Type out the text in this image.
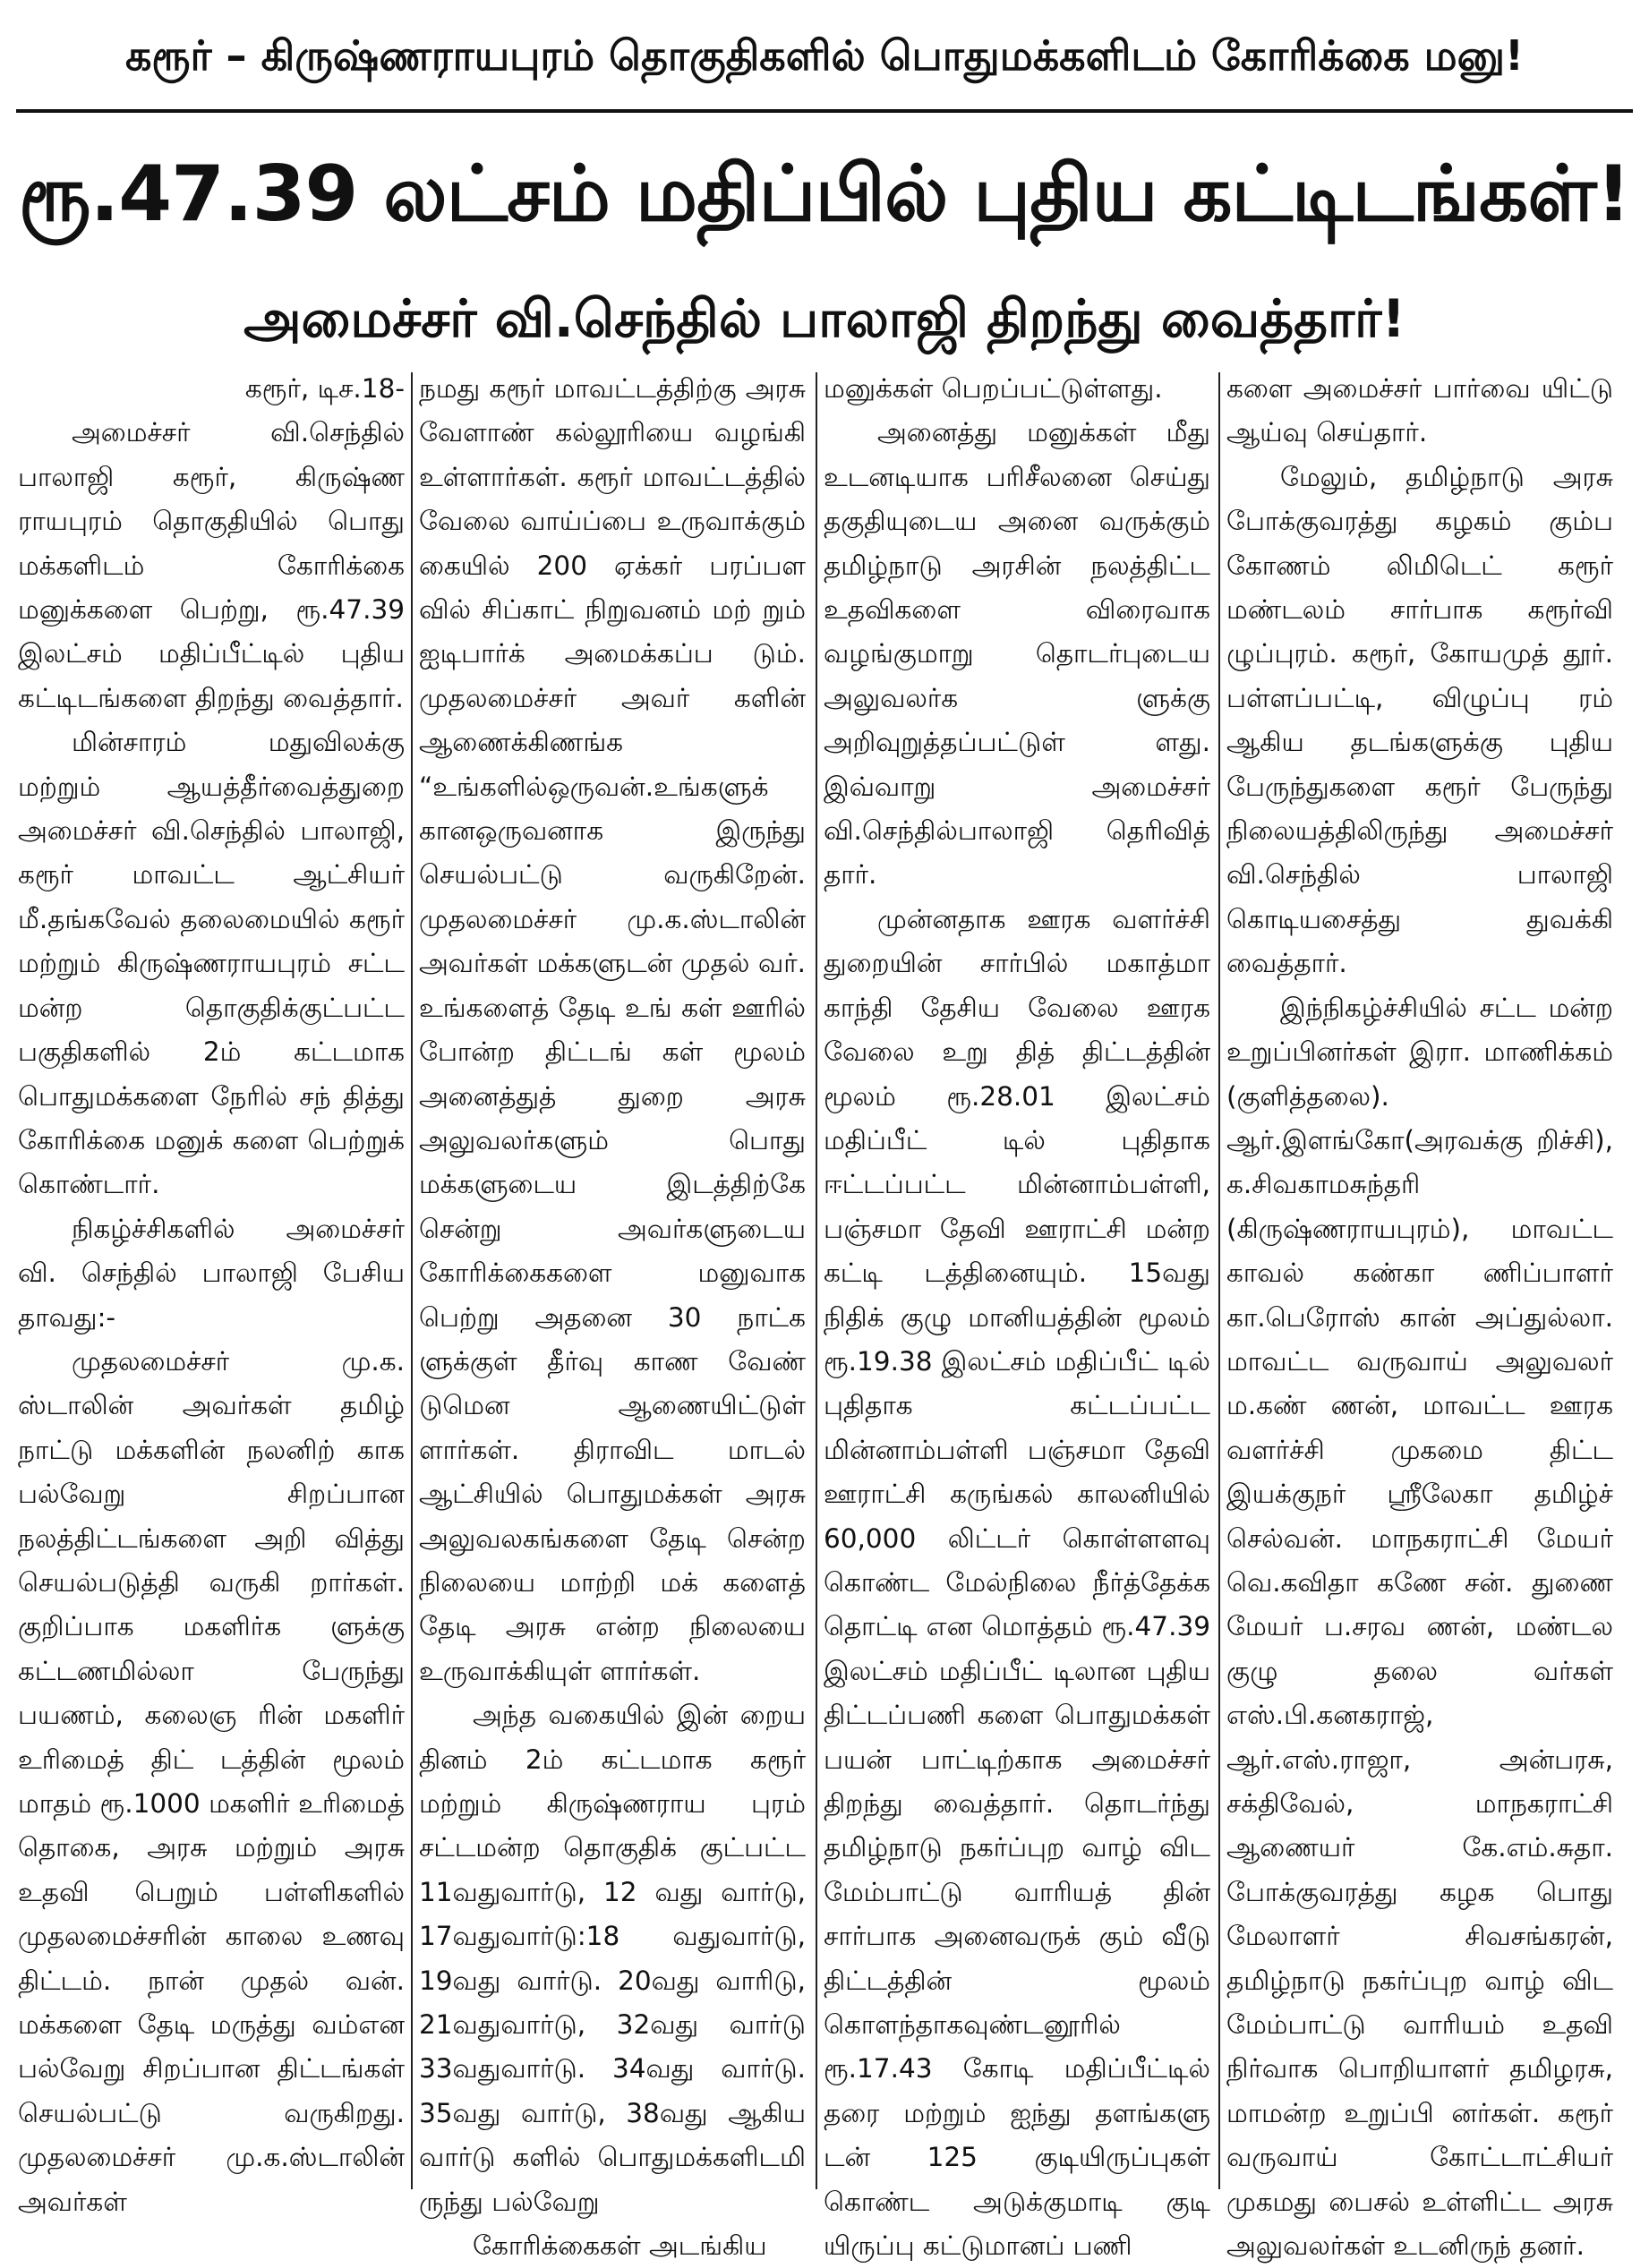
கரூர் – கிருஷ்ணராயபுரம் தொகுதிகளில் பொதுமக்களிடம் கோரிக்கை மனு!
ரூ.47.39 லட்சம் மதிப்பில் புதிய கட்டிடங்கள்!
அமைச்சர் வி.செந்தில் பாலாஜி திறந்து வைத்தார்!

கரூர், டிச.18-

அமைச்சர் வி.செந்தில் பாலாஜி கரூர், கிருஷ்ண ராயபுரம் தொகுதியில் பொது மக்களிடம் கோரிக்கை மனுக்களை பெற்று, ரூ.47.39 இலட்சம் மதிப்பீட்டில் புதிய கட்டிடங்களை திறந்து வைத்தார்.

மின்சாரம் மதுவிலக்கு மற்றும் ஆயத்தீர்வைத்துறை அமைச்சர் வி.செந்தில் பாலாஜி, கரூர் மாவட்ட ஆட்சியர் மீ.தங்கவேல் தலைமையில் கரூர் மற்றும் கிருஷ்ணராயபுரம் சட்ட மன்ற தொகுதிக்குட்பட்ட பகுதிகளில் 2ம் கட்டமாக பொதுமக்களை நேரில் சந் தித்து கோரிக்கை மனுக் களை பெற்றுக் கொண்டார்.

நிகழ்ச்சிகளில் அமைச்சர் வி. செந்தில் பாலாஜி பேசிய தாவது:-

முதலமைச்சர் மு.க. ஸ்டாலின் அவர்கள் தமிழ் நாட்டு மக்களின் நலனிற் காக பல்வேறு சிறப்பான நலத்திட்டங்களை அறி வித்து செயல்படுத்தி வருகி றார்கள். குறிப்பாக மகளிர்க ளுக்கு கட்டணமில்லா பேருந்து பயணம், கலைஞ ரின் மகளிர் உரிமைத் திட் டத்தின் மூலம் மாதம் ரூ.1000 மகளிர் உரிமைத் தொகை, அரசு மற்றும் அரசு உதவி பெறும் பள்ளிகளில் முதலமைச்சரின் காலை உணவு திட்டம். நான் முதல் வன். மக்களை தேடி மருத்து வம்என பல்வேறு சிறப்பான திட்டங்கள் செயல்பட்டு வருகிறது. முதலமைச்சர் மு.க.ஸ்டாலின் அவர்கள்

நமது கரூர் மாவட்டத்திற்கு அரசு வேளாண் கல்லூரியை வழங்கி உள்ளார்கள். கரூர் மாவட்டத்தில் வேலை வாய்ப்பை உருவாக்கும் கையில் 200 ஏக்கர் பரப்பள வில் சிப்காட் நிறுவனம் மற் றும் ஐடிபார்க் அமைக்கப்ப டும். முதலமைச்சர் அவர் களின் ஆணைக்கிணங்க “உங்களில்ஒருவன்.உங்களுக் கானஒருவனாக இருந்து செயல்பட்டு வருகிறேன். முதலமைச்சர் மு.க.ஸ்டாலின் அவர்கள் மக்களுடன் முதல் வர். உங்களைத் தேடி உங் கள் ஊரில் போன்ற திட்டங் கள் மூலம் அனைத்துத் துறை அரசு அலுவலர்களும் பொது மக்களுடைய இடத்திற்கே சென்று அவர்களுடைய கோரிக்கைகளை மனுவாக பெற்று அதனை 30 நாட்க ளுக்குள் தீர்வு காண வேண் டுமென ஆணையிட்டுள் ளார்கள். திராவிட மாடல் ஆட்சியில் பொதுமக்கள் அரசு அலுவலகங்களை தேடி சென்ற நிலையை மாற்றி மக் களைத் தேடி அரசு என்ற நிலையை உருவாக்கியுள் ளார்கள்.

அந்த வகையில் இன் றைய தினம் 2ம் கட்டமாக கரூர் மற்றும் கிருஷ்ணராய புரம் சட்டமன்ற தொகுதிக் குட்பட்ட 11வதுவார்டு, 12 வது வார்டு, 17வதுவார்டு:18 வதுவார்டு, 19வது வார்டு. 20வது வாரிடு, 21வதுவார்டு, 32வது வார்டு 33வதுவார்டு. 34வது வார்டு. 35வது வார்டு, 38வது ஆகிய வார்டு களில் பொதுமக்களிடமி ருந்து பல்வேறு

கோரிக்கைகள் அடங்கிய

மனுக்கள் பெறப்பட்டுள்ளது.

அனைத்து மனுக்கள் மீது உடனடியாக பரிசீலனை செய்து தகுதியுடைய அனை வருக்கும் தமிழ்நாடு அரசின் நலத்திட்ட உதவிகளை விரைவாக வழங்குமாறு தொடர்புடைய அலுவலர்க ளுக்கு அறிவுறுத்தப்பட்டுள் ளது. இவ்வாறு அமைச்சர் வி.செந்தில்பாலாஜி தெரிவித் தார்.

முன்னதாக ஊரக வளர்ச்சி துறையின் சார்பில் மகாத்மா காந்தி தேசிய வேலை ஊரக வேலை உறு தித் திட்டத்தின் மூலம் ரூ.28.01 இலட்சம் மதிப்பீட் டில் புதிதாக ஈட்டப்பட்ட மின்னாம்பள்ளி, பஞ்சமா தேவி ஊராட்சி மன்ற கட்டி டத்தினையும். 15வது நிதிக் குழு மானியத்தின் மூலம் ரூ.19.38 இலட்சம் மதிப்பீட் டில் புதிதாக கட்டப்பட்ட மின்னாம்பள்ளி பஞ்சமா தேவி ஊராட்சி கருங்கல் காலனியில் 60,000 லிட்டர் கொள்ளளவு கொண்ட மேல்நிலை நீர்த்தேக்க தொட்டி என மொத்தம் ரூ.47.39 இலட்சம் மதிப்பீட் டிலான புதிய திட்டப்பணி களை பொதுமக்கள் பயன் பாட்டிற்காக அமைச்சர் திறந்து வைத்தார். தொடர்ந்து தமிழ்நாடு நகர்ப்புற வாழ் விட மேம்பாட்டு வாரியத் தின் சார்பாக அனைவருக் கும் வீடு திட்டத்தின் மூலம் கொளந்தாகவுண்டனூரில் ரூ.17.43 கோடி மதிப்பீட்டில் தரை மற்றும் ஐந்து தளங்களு டன் 125 குடியிருப்புகள் கொண்ட அடுக்குமாடி குடி யிருப்பு கட்டுமானப் பணி

களை அமைச்சர் பார்வை யிட்டு ஆய்வு செய்தார்.

மேலும், தமிழ்நாடு அரசு போக்குவரத்து கழகம் கும்ப கோணம் லிமிடெட் கரூர் மண்டலம் சார்பாக கரூர்வி ழுப்புரம். கரூர், கோயமுத் தூர். பள்ளப்பட்டி, விழுப்பு ரம் ஆகிய தடங்களுக்கு புதிய பேருந்துகளை கரூர் பேருந்து நிலையத்திலிருந்து அமைச்சர் வி.செந்தில் பாலாஜி கொடியசைத்து துவக்கி வைத்தார்.

இந்நிகழ்ச்சியில் சட்ட மன்ற உறுப்பினர்கள் இரா. மாணிக்கம் (குளித்தலை). ஆர்.இளங்கோ(அரவக்கு றிச்சி), க.சிவகாமசுந்தரி (கிருஷ்ணராயபுரம்), மாவட்ட காவல் கண்கா ணிப்பாளர் கா.பெரோஸ் கான் அப்துல்லா. மாவட்ட வருவாய் அலுவலர் ம.கண் ணன், மாவட்ட ஊரக வளர்ச்சி முகமை திட்ட இயக்குநர் ஸ்ரீலேகா தமிழ்ச் செல்வன். மாநகராட்சி மேயர் வெ.கவிதா கணே சன். துணை மேயர் ப.சரவ ணன், மண்டல குழு தலை வர்கள் எஸ்.பி.கனகராஜ், ஆர்.எஸ்.ராஜா, அன்பரசு, சக்திவேல், மாநகராட்சி ஆணையர் கே.எம்.சுதா. போக்குவரத்து கழக பொது மேலாளர் சிவசங்கரன், தமிழ்நாடு நகர்ப்புற வாழ் விட மேம்பாட்டு வாரியம் உதவி நிர்வாக பொறியாளர் தமிழரசு, மாமன்ற உறுப்பி னர்கள். கரூர் வருவாய் கோட்டாட்சியர் முகமது பைசல் உள்ளிட்ட அரசு அலுவலர்கள் உடனிருந் தனர்.
